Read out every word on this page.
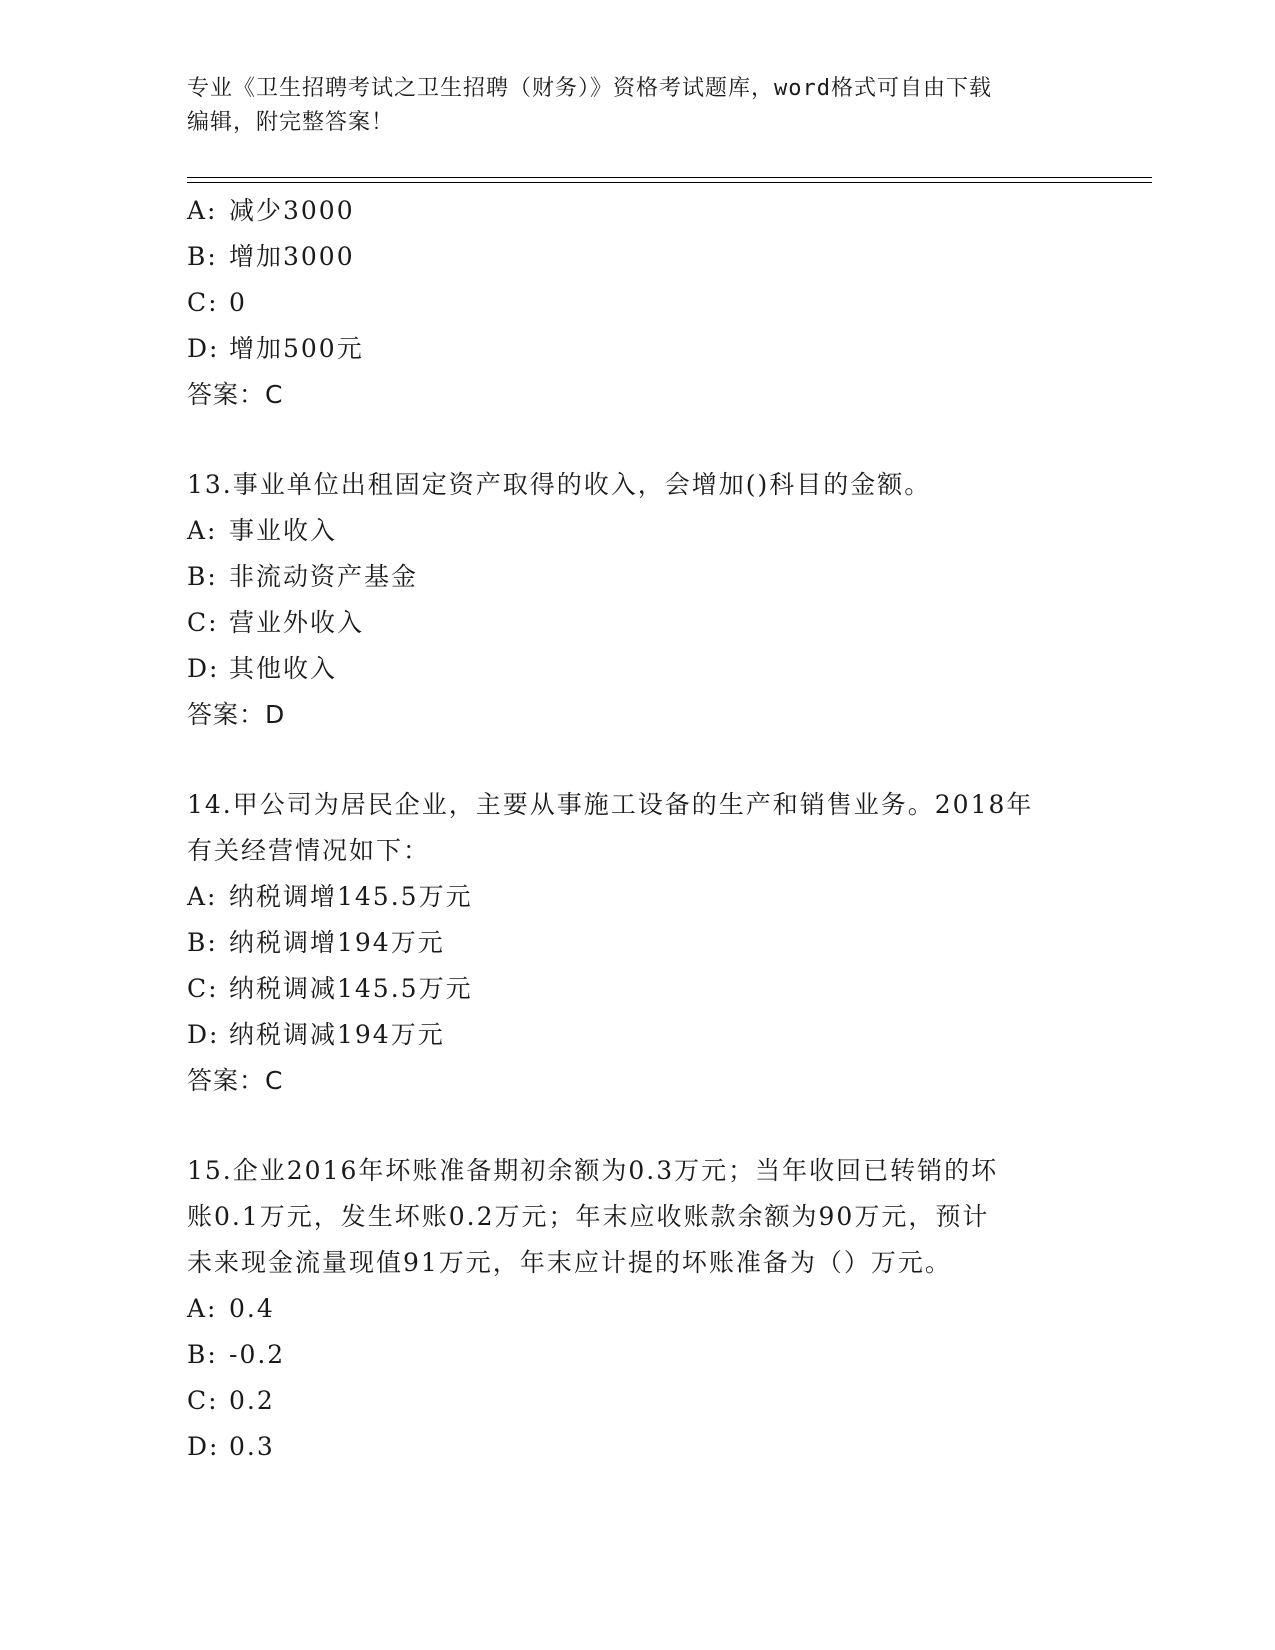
专业《卫生招聘考试之卫生招聘（财务）》资格考试题库，word格式可自由下载
编辑，附完整答案！
A: 减少3000
B: 增加3000
C: 0
D: 增加500元
答案：C
13.事业单位出租固定资产取得的收入，会增加()科目的金额。
A: 事业收入
B: 非流动资产基金
C: 营业外收入
D: 其他收入
答案：D
14.甲公司为居民企业，主要从事施工设备的生产和销售业务。2018年
有关经营情况如下：
A: 纳税调增145.5万元
B: 纳税调增194万元
C: 纳税调减145.5万元
D: 纳税调减194万元
答案：C
15.企业2016年坏账准备期初余额为0.3万元；当年收回已转销的坏
账0.1万元，发生坏账0.2万元；年末应收账款余额为90万元，预计
未来现金流量现值91万元，年末应计提的坏账准备为（）万元。
A: 0.4
B: -0.2
C: 0.2
D: 0.3
